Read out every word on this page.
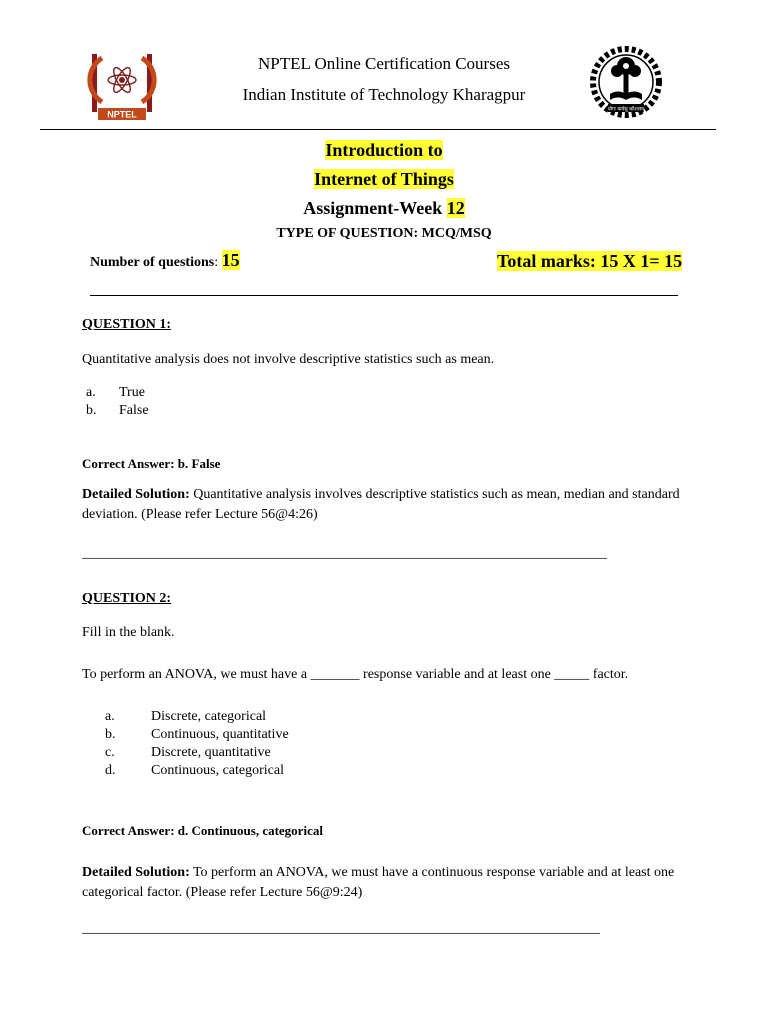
NPTEL	योगः कर्मसु कौशलम्
NPTEL Online Certification Courses
Indian Institute of Technology Kharagpur
Introduction to
Internet of Things
Assignment-Week 12
TYPE OF QUESTION: MCQ/MSQ
Number of questions: 15	Total marks: 15 X 1= 15
QUESTION 1:
Quantitative analysis does not involve descriptive statistics such as mean.
a. True
b. False
Correct Answer: b. False
Detailed Solution: Quantitative analysis involves descriptive statistics such as mean, median and standard deviation. (Please refer Lecture 56@4:26)
___________________________________________________________________________
QUESTION 2:
Fill in the blank.
To perform an ANOVA, we must have a _______ response variable and at least one _____ factor.
a.	Discrete, categorical
b.	Continuous, quantitative
c.	Discrete, quantitative
d.	Continuous, categorical
Correct Answer: d. Continuous, categorical
Detailed Solution: To perform an ANOVA, we must have a continuous response variable and at least one categorical factor. (Please refer Lecture 56@9:24)
__________________________________________________________________________
